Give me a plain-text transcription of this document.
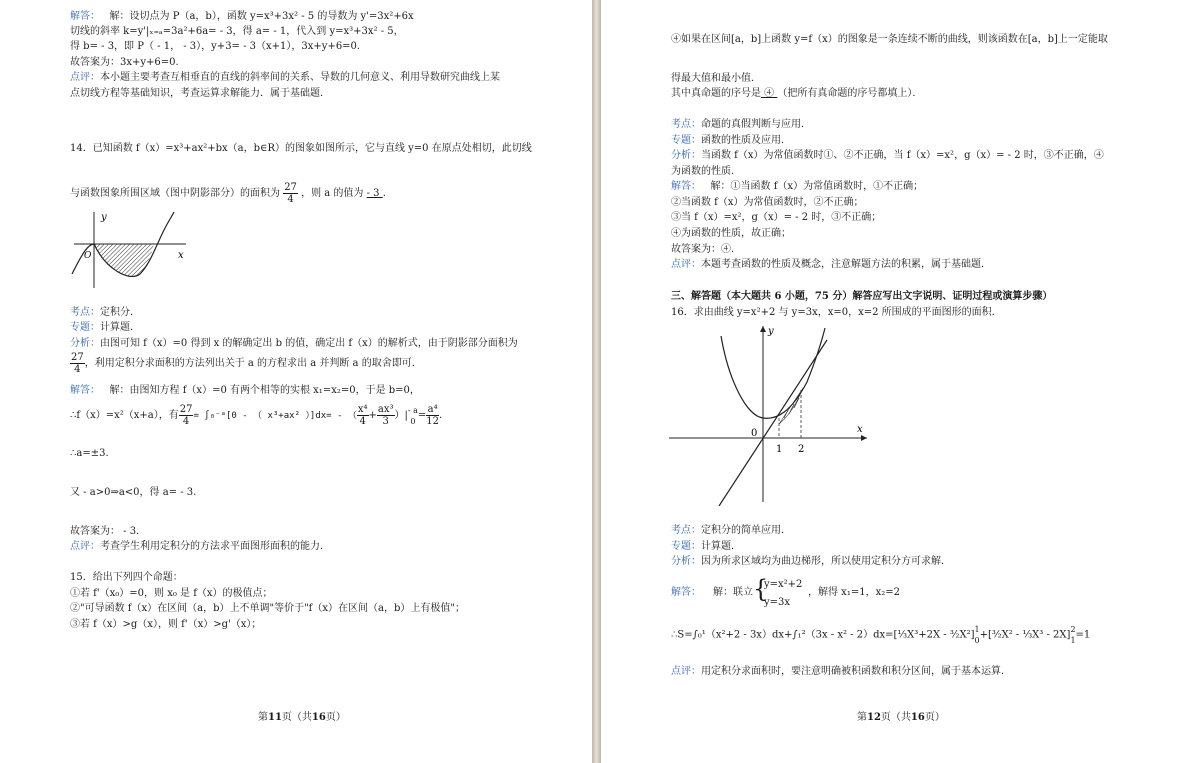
解答： 解：设切点为 P（a，b），函数 y=x³+3x² - 5 的导数为 y'=3x²+6x
切线的斜率 k=y'|ₓ₌ₐ=3a²+6a= - 3，得 a= - 1，代入到 y=x³+3x² - 5，
得 b= - 3，即 P（ - 1， - 3），y+3= - 3（x+1），3x+y+6=0.
故答案为：3x+y+6=0.
点评：本小题主要考查互相垂直的直线的斜率间的关系、导数的几何意义、利用导数研究曲线上某
点切线方程等基础知识，考查运算求解能力．属于基础题．
14．已知函数 f（x）=x³+ax²+bx（a，b∈R）的图象如图所示，它与直线 y=0 在原点处相切，此切线
与函数图象所围区域（图中阴影部分）的面积为 $\frac{27}{4}$ ，则 a 的值为 - 3 .
y
x
O
考点：定积分．
专题：计算题．
分析：由图可知 f（x）=0 得到 x 的解确定出 b 的值，确定出 f（x）的解析式，由于阴影部分面积为
$\frac{27}{4}$ ，利用定积分求面积的方法列出关于 a 的方程求出 a 并判断 a 的取舍即可．
解答： 解：由图知方程 f（x）=0 有两个相等的实根 x₁=x₂=0，于是 b=0，
∴f（x）=x²（x+a），有 $\frac{27}{4}$ = ∫₀⁻ᵃ[0 - （ x³+ax² ）]dx= - （ $\frac{\text{x⁴}}{4} + \frac{\text{ax³}}{3}$ ）| - a
$0 = \frac{\text{a⁴}}{12}$ .
∴a=±3.
又 - a>0⇒a<0，得 a= - 3.
故答案为： - 3．
点评：考查学生利用定积分的方法求平面图形面积的能力．
15．给出下列四个命题：
①若 f'（x₀）=0，则 x₀ 是 f（x）的极值点；
②"可导函数 f（x）在区间（a，b）上不单调"等价于"f（x）在区间（a，b）上有极值"；
③若 f（x）>g（x），则 f'（x）>g'（x）；
第11页（共16页）
④如果在区间[a，b]上函数 y=f（x）的图象是一条连续不断的曲线，则该函数在[a，b]上一定能取
得最大值和最小值．
其中真命题的序号是 ④ （把所有真命题的序号都填上）．
考点：命题的真假判断与应用．
专题：函数的性质及应用．
分析：当函数 f（x）为常值函数时①、②不正确，当 f（x）=x²，g（x）= - 2 时，③不正确，④
为函数的性质．
解答： 解：①当函数 f（x）为常值函数时，①不正确；
②当函数 f（x）为常值函数时，②不正确；
③当 f（x）=x²，g（x）= - 2 时，③不正确；
④为函数的性质，故正确；
故答案为：④．
点评：本题考查函数的性质及概念，注意解题方法的积累，属于基础题．
三、解答题（本大题共 6 小题，75 分）解答应写出文字说明、证明过程或演算步骤）
16．求由曲线 y=x²+2 与 y=3x，x=0，x=2 所围成的平面图形的面积．
y
x
0
1 2
考点：定积分的简单应用．
专题：计算题．
分析：因为所求区域均为曲边梯形，所以使用定积分方可求解．
解答： 解：联立 {
y=x²+2
y=3x
，解得 x₁=1，x₂=2
∴S=∫₀¹（x²+2 - 3x）dx+∫₁²（3x - x² - 2）dx=[⅓X³+2X - ³⁄₂X²] 1
0 +[³⁄₂X² - ⅓X³ - 2X] 2
1 =1
点评：用定积分求面积时，要注意明确被积函数和积分区间，属于基本运算．
第12页（共16页）
